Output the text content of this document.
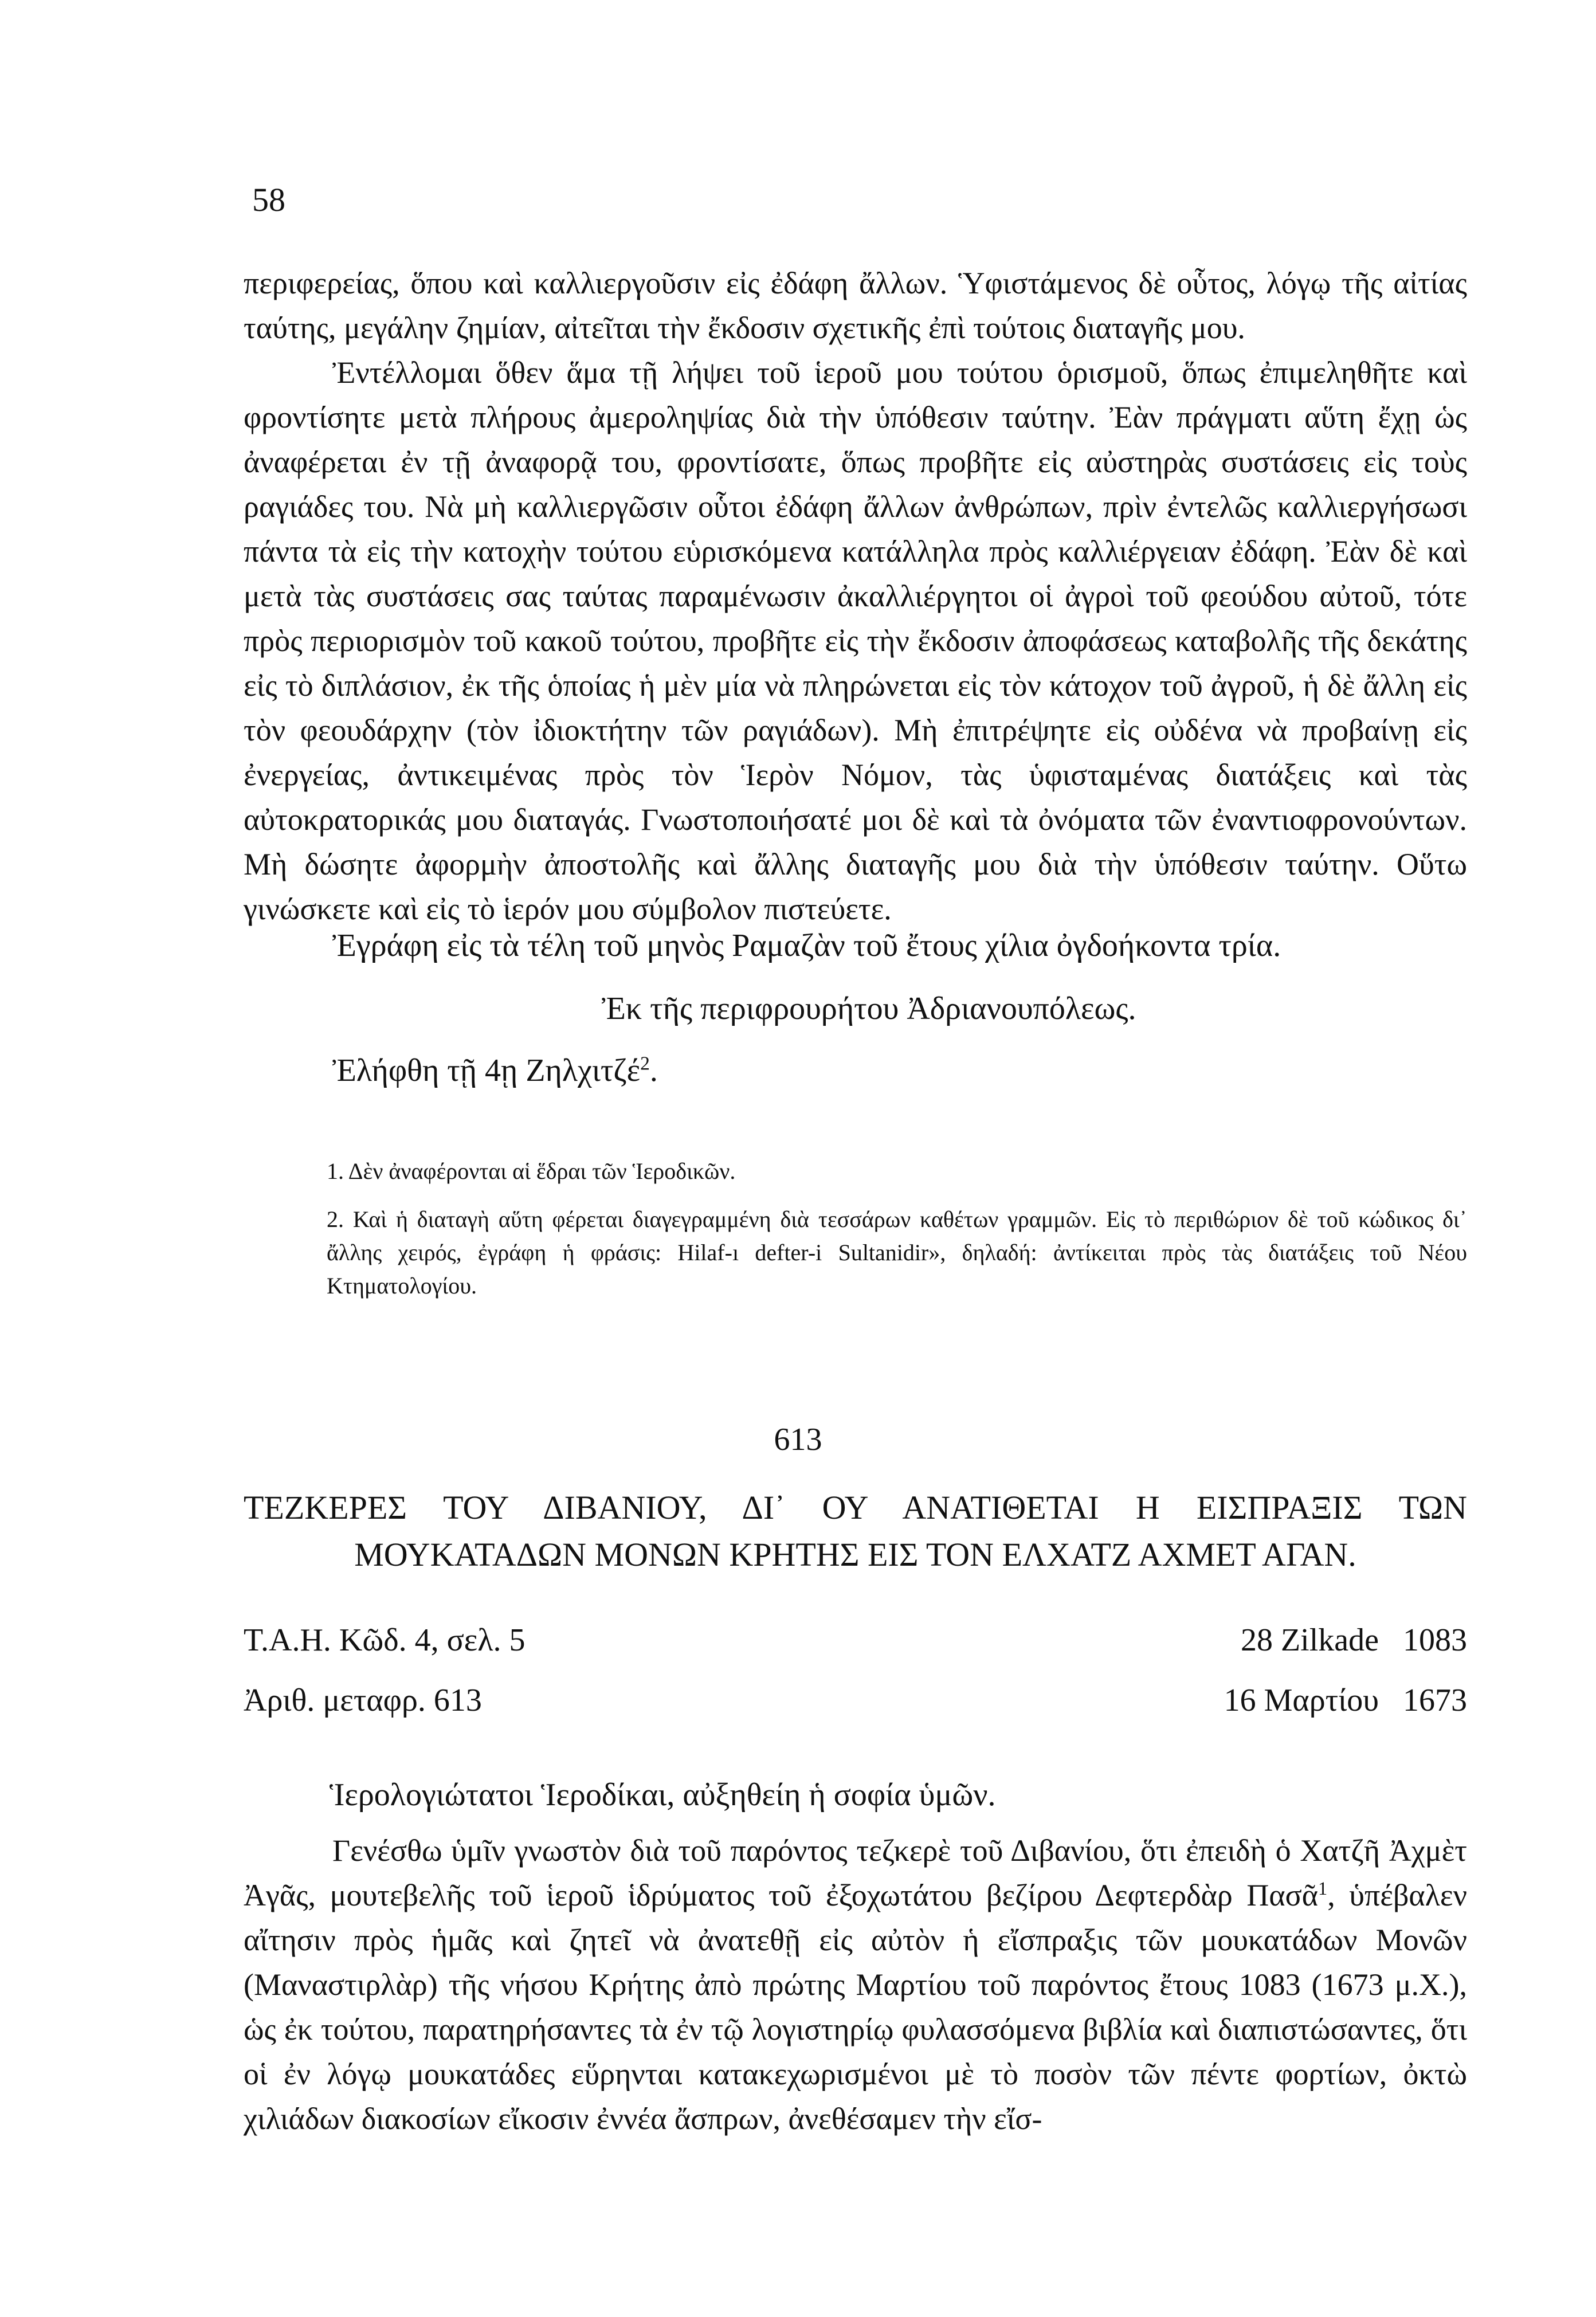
58

περιφερείας, ὅπου καὶ καλλιεργοῦσιν εἰς ἐδάφη ἄλλων. Ὑφιστάμενος δὲ οὗτος, λόγῳ τῆς αἰτίας ταύτης, μεγάλην ζημίαν, αἰτεῖται τὴν ἔκδοσιν σχετικῆς ἐπὶ τούτοις διαταγῆς μου.

Ἐντέλλομαι ὅθεν ἅμα τῇ λήψει τοῦ ἱεροῦ μου τούτου ὁρισμοῦ, ὅπως ἐπιμεληθῆτε καὶ φροντίσητε μετὰ πλήρους ἀμεροληψίας διὰ τὴν ὑπόθεσιν ταύτην. Ἐὰν πράγματι αὕτη ἔχῃ ὡς ἀναφέρεται ἐν τῇ ἀναφορᾷ του, φροντίσατε, ὅπως προβῆτε εἰς αὐστηρὰς συστάσεις εἰς τοὺς ραγιάδες του. Νὰ μὴ καλλιεργῶσιν οὗτοι ἐδάφη ἄλλων ἀνθρώπων, πρὶν ἐντελῶς καλλιεργήσωσι πάντα τὰ εἰς τὴν κατοχὴν τούτου εὑρισκόμενα κατάλληλα πρὸς καλλιέργειαν ἐδάφη. Ἐὰν δὲ καὶ μετὰ τὰς συστάσεις σας ταύτας παραμένωσιν ἀκαλλιέργητοι οἱ ἀγροὶ τοῦ φεούδου αὐτοῦ, τότε πρὸς περιορισμὸν τοῦ κακοῦ τούτου, προβῆτε εἰς τὴν ἔκδοσιν ἀποφάσεως καταβολῆς τῆς δεκάτης εἰς τὸ διπλάσιον, ἐκ τῆς ὁποίας ἡ μὲν μία νὰ πληρώνεται εἰς τὸν κάτοχον τοῦ ἀγροῦ, ἡ δὲ ἄλλη εἰς τὸν φεουδάρχην (τὸν ἰδιοκτήτην τῶν ραγιάδων). Μὴ ἐπιτρέψητε εἰς οὐδένα νὰ προβαίνῃ εἰς ἐνεργείας, ἀντικειμένας πρὸς τὸν Ἱερὸν Νόμον, τὰς ὑφισταμένας διατάξεις καὶ τὰς αὐτοκρατορικάς μου διαταγάς. Γνωστοποιήσατέ μοι δὲ καὶ τὰ ὀνόματα τῶν ἐναντιοφρονούντων. Μὴ δώσητε ἀφορμὴν ἀποστολῆς καὶ ἄλλης διαταγῆς μου διὰ τὴν ὑπόθεσιν ταύτην. Οὕτω γινώσκετε καὶ εἰς τὸ ἱερόν μου σύμβολον πιστεύετε.

Ἐγράφη εἰς τὰ τέλη τοῦ μηνὸς Ραμαζὰν τοῦ ἔτους χίλια ὀγδοήκοντα τρία.
Ἐκ τῆς περιφρουρήτου Ἀδριανουπόλεως.
Ἐλήφθη τῇ 4ῃ Ζηλχιτζέ$^2$.

1. Δὲν ἀναφέρονται αἱ ἕδραι τῶν Ἱεροδικῶν.

2. Καὶ ἡ διαταγὴ αὕτη φέρεται διαγεγραμμένη διὰ τεσσάρων καθέτων γραμμῶν. Εἰς τὸ περιθώριον δὲ τοῦ κώδικος δι᾽ ἄλλης χειρός, ἐγράφη ἡ φράσις: Hilaf-ı defter-i Sultanidir», δηλαδή: ἀντίκειται πρὸς τὰς διατάξεις τοῦ Νέου Κτηματολογίου.

613

ΤΕΖΚΕΡΕΣ ΤΟΥ ΔΙΒΑΝΙΟΥ, ΔΙ᾽ ΟΥ ΑΝΑΤΙΘΕΤΑΙ Η ΕΙΣΠΡΑΞΙΣ ΤΩΝ ΜΟΥΚΑΤΑΔΩΝ ΜΟΝΩΝ ΚΡΗΤΗΣ ΕΙΣ ΤΟΝ ΕΛΧΑΤΖ ΑΧΜΕΤ ΑΓΑΝ.

Τ.Α.Η. Κῶδ. 4, σελ. 5	28 Zilkade 1083
Ἀριθ. μεταφρ. 613	16 Μαρτίου 1673
Ἱερολογιώτατοι Ἱεροδίκαι, αὐξηθείη ἡ σοφία ὑμῶν.

Γενέσθω ὑμῖν γνωστὸν διὰ τοῦ παρόντος τεζκερὲ τοῦ Διβανίου, ὅτι ἐπειδὴ ὁ Χατζῆ Ἀχμὲτ Ἀγᾶς, μουτεβελῆς τοῦ ἱεροῦ ἱδρύματος τοῦ ἐξοχωτάτου βεζίρου Δεφτερδὰρ Πασᾶ$^1$, ὑπέβαλεν αἴτησιν πρὸς ἡμᾶς καὶ ζητεῖ νὰ ἀνατεθῇ εἰς αὐτὸν ἡ εἴσπραξις τῶν μουκατάδων Μονῶν (Μαναστιρλὰρ) τῆς νήσου Κρήτης ἀπὸ πρώτης Μαρτίου τοῦ παρόντος ἔτους 1083 (1673 μ.Χ.), ὡς ἐκ τούτου, παρατηρήσαντες τὰ ἐν τῷ λογιστηρίῳ φυλασσόμενα βιβλία καὶ διαπιστώσαντες, ὅτι οἱ ἐν λόγῳ μουκατάδες εὕρηνται κατακεχωρισμένοι μὲ τὸ ποσὸν τῶν πέντε φορτίων, ὀκτὼ χιλιάδων διακοσίων εἴκοσιν ἐννέα ἄσπρων, ἀνεθέσαμεν τὴν εἴσ-
